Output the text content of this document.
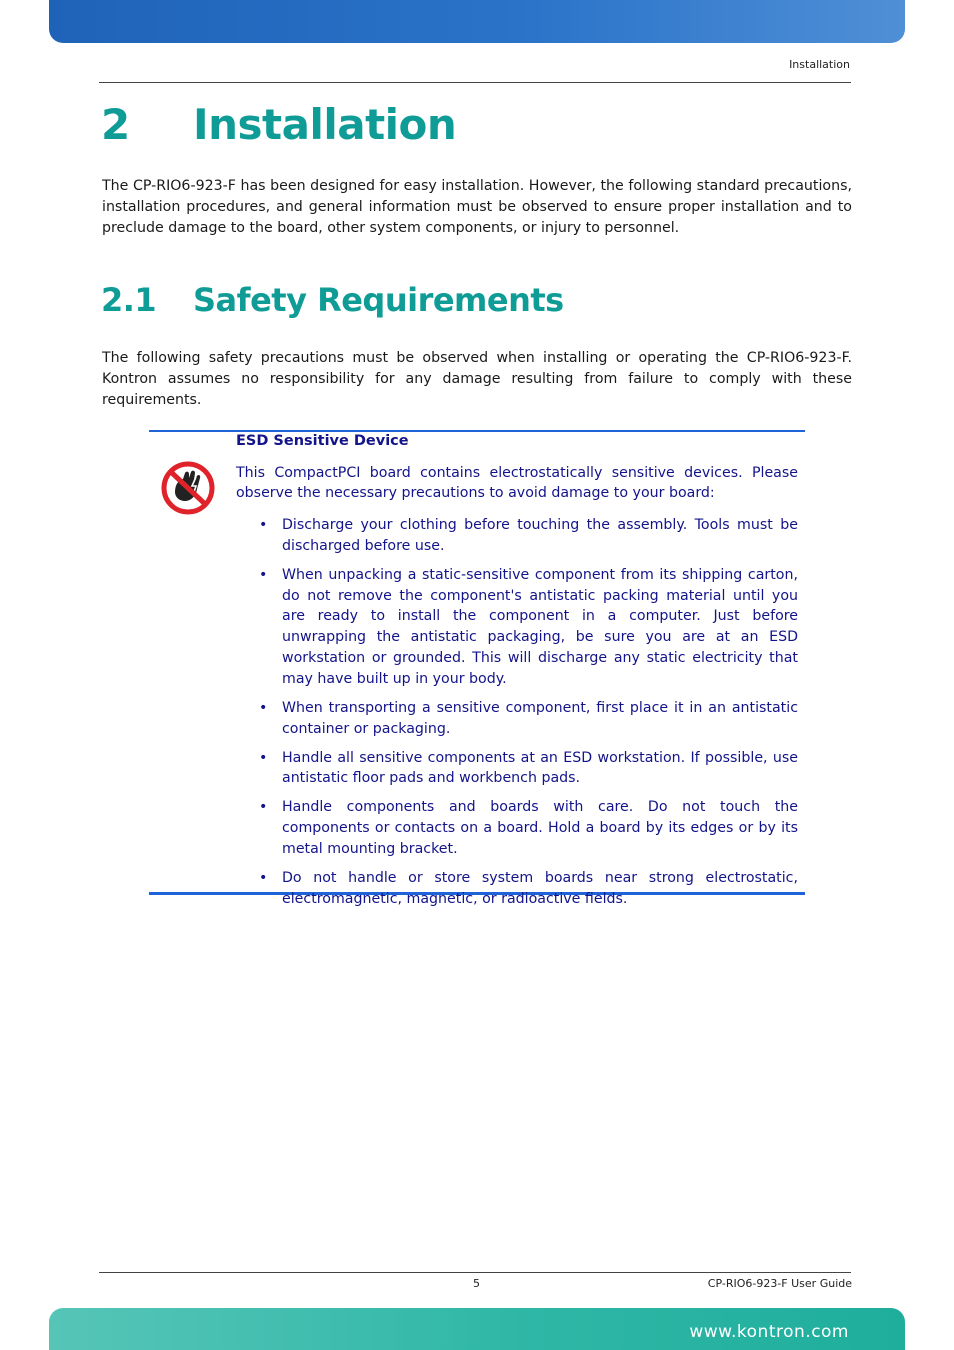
Installation
2 Installation

The CP-RIO6-923-F has been designed for easy installation. However, the following standard precautions, installation procedures, and general information must be observed to ensure proper installation and to preclude damage to the board, other system components, or injury to personnel.

2.1 Safety Requirements

The following safety precautions must be observed when installing or operating the CP-RIO6-923-F. Kontron assumes no responsibility for any damage resulting from failure to comply with these requirements.

ESD Sensitive Device

This CompactPCI board contains electrostatically sensitive devices. Please observe the necessary precautions to avoid damage to your board:

• Discharge your clothing before touching the assembly. Tools must be discharged before use.
• When unpacking a static-sensitive component from its shipping carton, do not remove the component's antistatic packing material until you are ready to install the component in a computer. Just before unwrapping the antistatic packaging, be sure you are at an ESD workstation or grounded. This will discharge any static electricity that may have built up in your body.
• When transporting a sensitive component, first place it in an antistatic container or packaging.
• Handle all sensitive components at an ESD workstation. If possible, use antistatic floor pads and workbench pads.
• Handle components and boards with care. Do not touch the components or contacts on a board. Hold a board by its edges or by its metal mounting bracket.
• Do not handle or store system boards near strong electrostatic, electromagnetic, magnetic, or radioactive fields.
5	CP-RIO6-923-F User Guide
www.kontron.com
